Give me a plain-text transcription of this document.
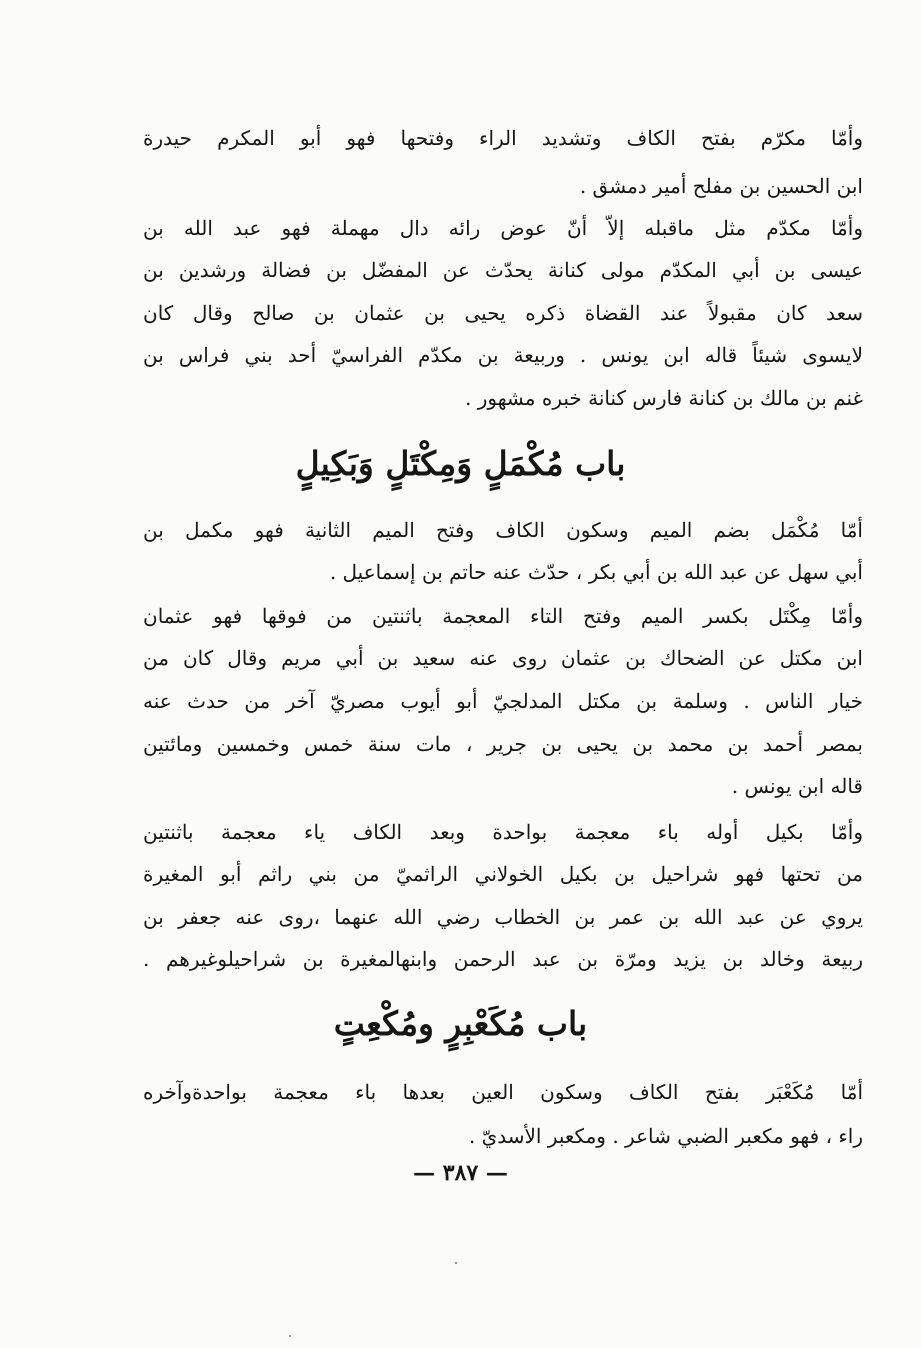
وأمّا مكرّم بفتح الكاف وتشديد الراء وفتحها فهو أبو المكرم حيدرة
ابن الحسين بن مفلح أمير دمشق .
وأمّا مكدّم مثل ماقبله إلاّ أنّ عوض رائه دال مهملة فهو عبد الله بن
عيسى بن أبي المكدّم مولى كنانة يحدّث عن المفضّل بن فضالة ورشدين بن
سعد كان مقبولاً عند القضاة ذكره يحيى بن عثمان بن صالح وقال كان
لايسوى شيئاً قاله ابن يونس . وربيعة بن مكدّم الفراسيّ أحد بني فراس بن
غنم بن مالك بن كنانة فارس كنانة خبره مشهور .
باب مُكْمَلٍ وَمِكْتَلٍ وَبَكِيلٍ
أمّا مُكْمَل بضم الميم وسكون الكاف وفتح الميم الثانية فهو مكمل بن
أبي سهل عن عبد الله بن أبي بكر ، حدّث عنه حاتم بن إسماعيل .
وأمّا مِكْتَل بكسر الميم وفتح التاء المعجمة باثنتين من فوقها فهو عثمان
ابن مكتل عن الضحاك بن عثمان روى عنه سعيد بن أبي مريم وقال كان من
خيار الناس . وسلمة بن مكتل المدلجيّ أبو أيوب مصريّ آخر من حدث عنه
بمصر أحمد بن محمد بن يحيى بن جرير ، مات سنة خمس وخمسين ومائتين
قاله ابن يونس .
وأمّا بكيل أوله باء معجمة بواحدة وبعد الكاف ياء معجمة باثنتين
من تحتها فهو شراحيل بن بكيل الخولاني الراثميّ من بني راثم أبو المغيرة
يروي عن عبد الله بن عمر بن الخطاب رضي الله عنهما ،روى عنه جعفر بن
ربيعة وخالد بن يزيد ومرّة بن عبد الرحمن وابنهالمغيرة بن شراحيلوغيرهم .
باب مُكَعْبِرٍ ومُكْعِتٍ
أمّا مُكَعْبَر بفتح الكاف وسكون العين بعدها باء معجمة بواحدةوآخره
راء ، فهو مكعبر الضبي شاعر . ومكعبر الأسديّ .
— ٣٨٧ —
